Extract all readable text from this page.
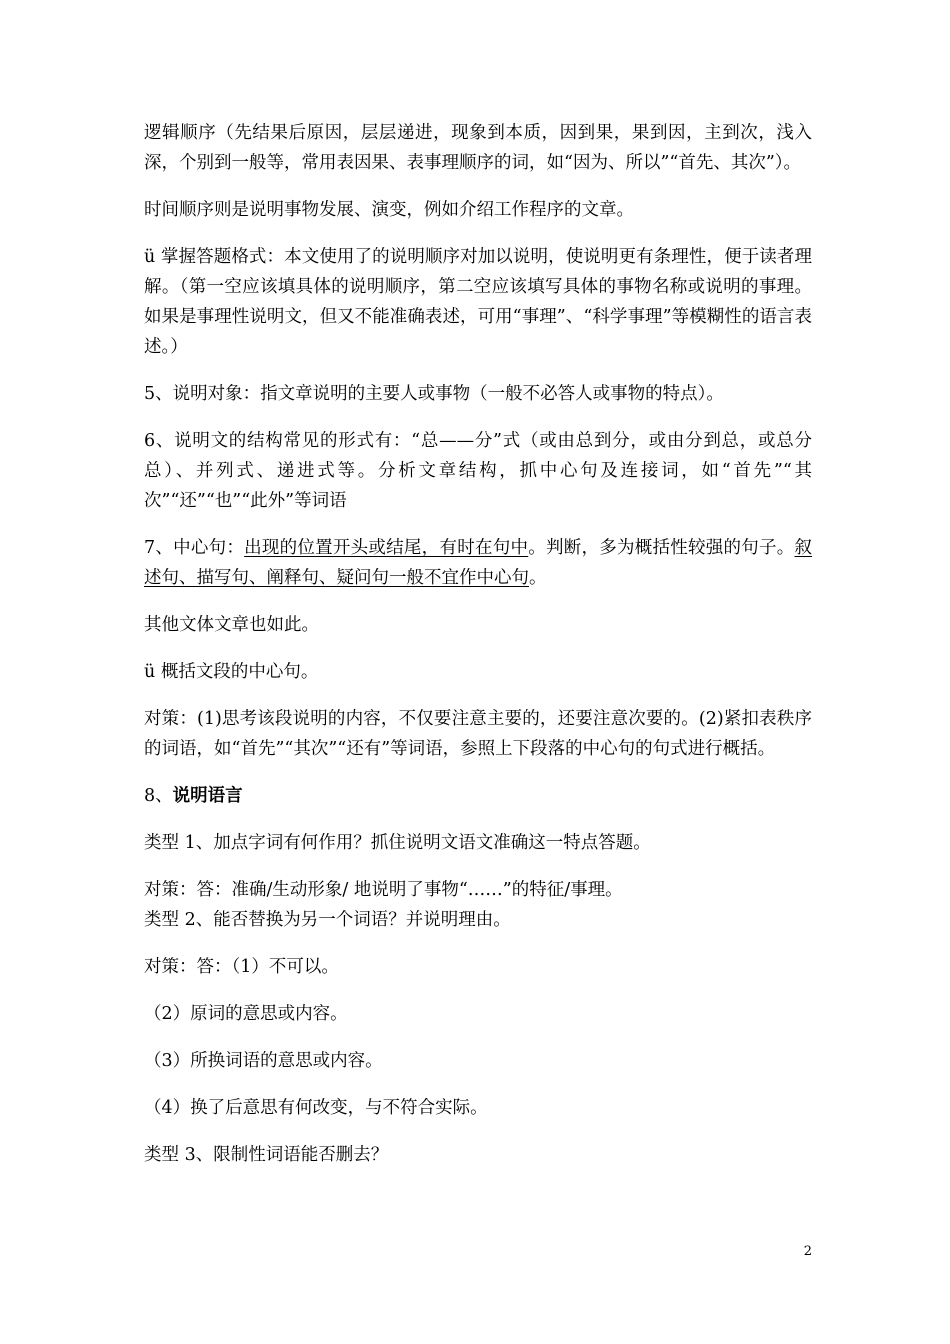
逻辑顺序（先结果后原因，层层递进，现象到本质，因到果，果到因，主到次，浅入深，个别到一般等，常用表因果、表事理顺序的词，如“因为、所以”“首先、其次”）。

时间顺序则是说明事物发展、演变，例如介绍工作程序的文章。

ü 掌握答题格式：本文使用了的说明顺序对加以说明，使说明更有条理性，便于读者理解。（第一空应该填具体的说明顺序，第二空应该填写具体的事物名称或说明的事理。如果是事理性说明文，但又不能准确表述，可用“事理”、“科学事理”等模糊性的语言表述。）

5、说明对象：指文章说明的主要人或事物（一般不必答人或事物的特点）。

6、说明文的结构常见的形式有：“总——分”式（或由总到分，或由分到总，或总分总）、并列式、递进式等。分析文章结构，抓中心句及连接词，如“首先”“其次”“还”“也”“此外”等词语

7、中心句：出现的位置开头或结尾，有时在句中。判断，多为概括性较强的句子。叙述句、描写句、阐释句、疑问句一般不宜作中心句。

其他文体文章也如此。

ü 概括文段的中心句。

对策：(1)思考该段说明的内容，不仅要注意主要的，还要注意次要的。(2)紧扣表秩序的词语，如“首先”“其次”“还有”等词语，参照上下段落的中心句的句式进行概括。

8、说明语言

类型 1、加点字词有何作用？抓住说明文语文准确这一特点答题。

对策：答：准确/生动形象/ 地说明了事物“……”的特征/事理。

类型 2、能否替换为另一个词语？并说明理由。

对策：答：（1）不可以。

（2）原词的意思或内容。

（3）所换词语的意思或内容。

（4）换了后意思有何改变，与不符合实际。

类型 3、限制性词语能否删去？

2
